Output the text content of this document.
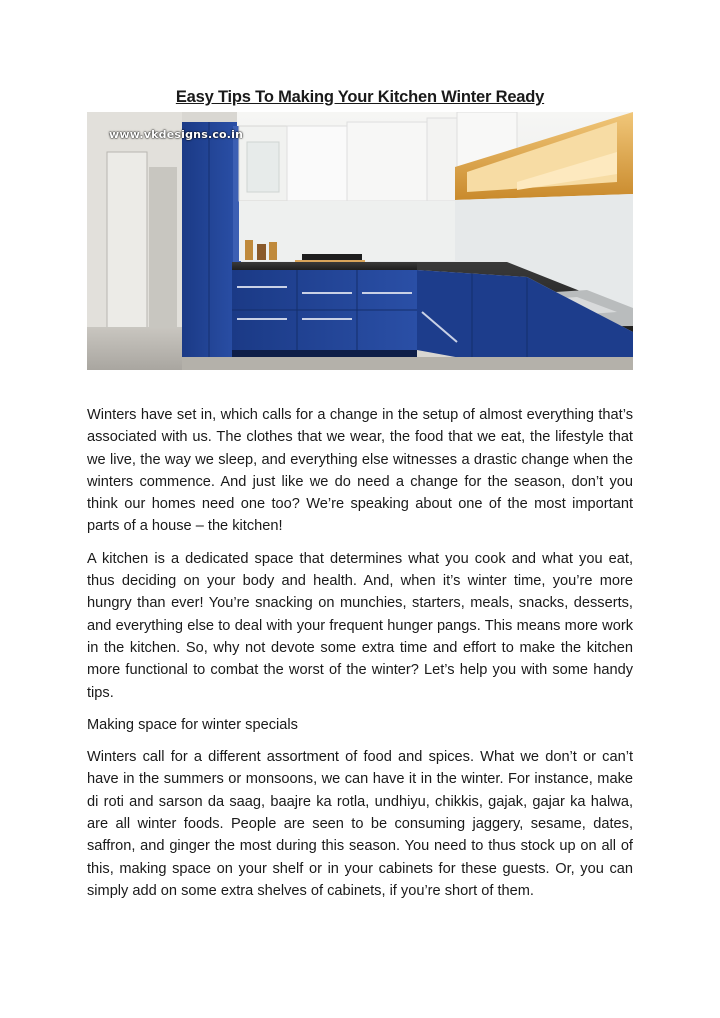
Easy Tips To Making Your Kitchen Winter Ready
www.vkdesigns.co.in

Winters have set in, which calls for a change in the setup of almost everything that’s associated with us. The clothes that we wear, the food that we eat, the lifestyle that we live, the way we sleep, and everything else witnesses a drastic change when the winters commence. And just like we do need a change for the season, don’t you think our homes need one too? We’re speaking about one of the most important parts of a house – the kitchen!

A kitchen is a dedicated space that determines what you cook and what you eat, thus deciding on your body and health. And, when it’s winter time, you’re more hungry than ever! You’re snacking on munchies, starters, meals, snacks, desserts, and everything else to deal with your frequent hunger pangs. This means more work in the kitchen. So, why not devote some extra time and effort to make the kitchen more functional to combat the worst of the winter? Let’s help you with some handy tips.

Making space for winter specials

Winters call for a different assortment of food and spices. What we don’t or can’t have in the summers or monsoons, we can have it in the winter. For instance, make di roti and sarson da saag, baajre ka rotla, undhiyu, chikkis, gajak, gajar ka halwa, are all winter foods. People are seen to be consuming jaggery, sesame, dates, saffron, and ginger the most during this season. You need to thus stock up on all of this, making space on your shelf or in your cabinets for these guests. Or, you can simply add on some extra shelves of cabinets, if you’re short of them.
